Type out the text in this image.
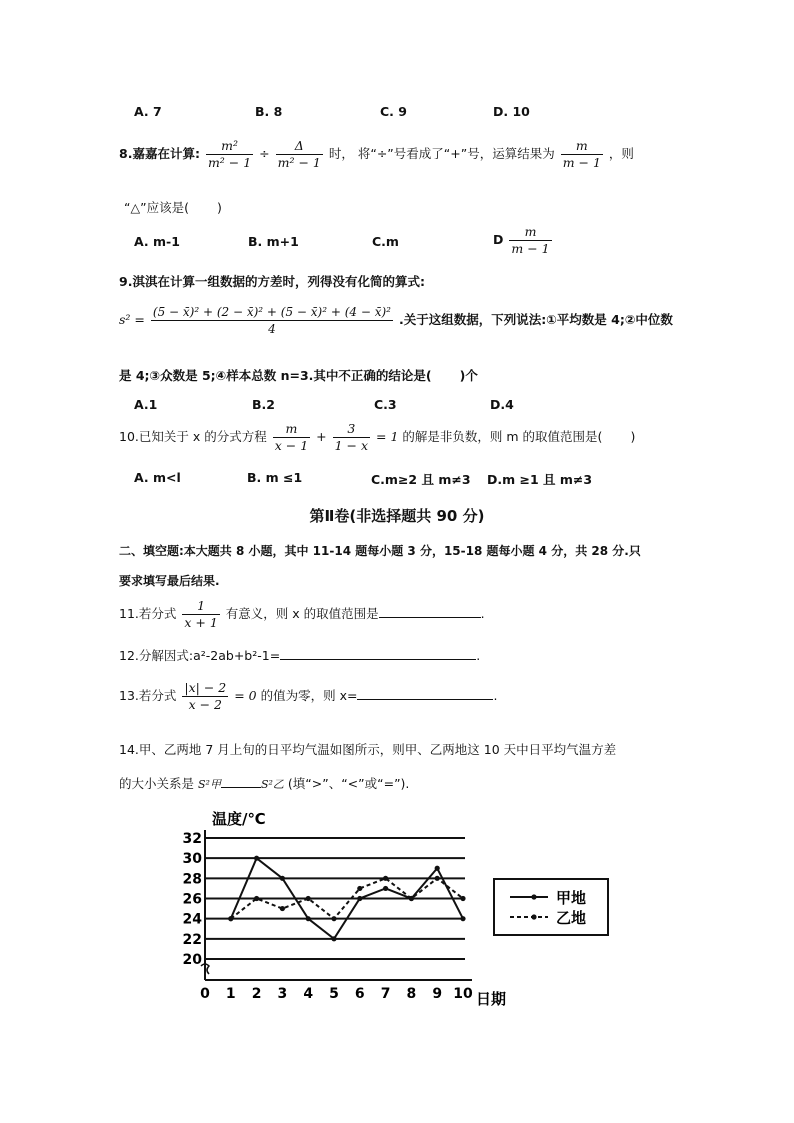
A. 7	B. 8	C. 9	D. 10
8.嘉嘉在计算: $\frac{\text{m²}}{\text{m² − 1}} \div \frac{\Delta}{\text{m² − 1}}$ 时， 将“÷”号看成了“+”号，运算结果为 $\frac{m}{m - 1}$ ，则
“△”应该是( )
A. m-1	B. m+1	C.m	D $\frac{m}{m - 1}$
9.淇淇在计算一组数据的方差时，列得没有化简的算式:
$s^2 = \frac{\text{(5 − x̄)² + (2 − x̄)² + (5 − x̄)² + (4 − x̄)²}}{4}$ .关于这组数据，下列说法:①平均数是 4;②中位数
是 4;③众数是 5;④样本总数 n=3.其中不正确的结论是( )个
A.1	B.2	C.3	D.4
10.已知关于 x 的分式方程 $\frac{m}{x - 1} + \frac{3}{1 - x} = 1$ 的解是非负数，则 m 的取值范围是( )
A. m<l	B. m ≤1	C.m≥2 且 m≠3 D.m ≥1 且 m≠3
第Ⅱ卷(非选择题共 90 分)
二、填空题:本大题共 8 小题，其中 11-14 题每小题 3 分，15-18 题每小题 4 分，共 28 分.只
要求填写最后结果.
11.若分式 $\frac{1}{x + 1}$ 有意义，则 x 的取值范围是	.
12.分解因式:a²-2ab+b²-1=	.
13.若分式 $\frac{|x| - 2}{x - 2} = 0$ 的值为零，则 x=	.
14.甲、乙两地 7 月上旬的日平均气温如图所示，则甲、乙两地这 10 天中日平均气温方差
的大小关系是 S²甲	S²乙 (填“>”、“<”或“=”).
温度/℃
20
22
24
26
28
30
32
0 1 2 3 4 5 6 7 8 9 10 日期
甲地
乙地
